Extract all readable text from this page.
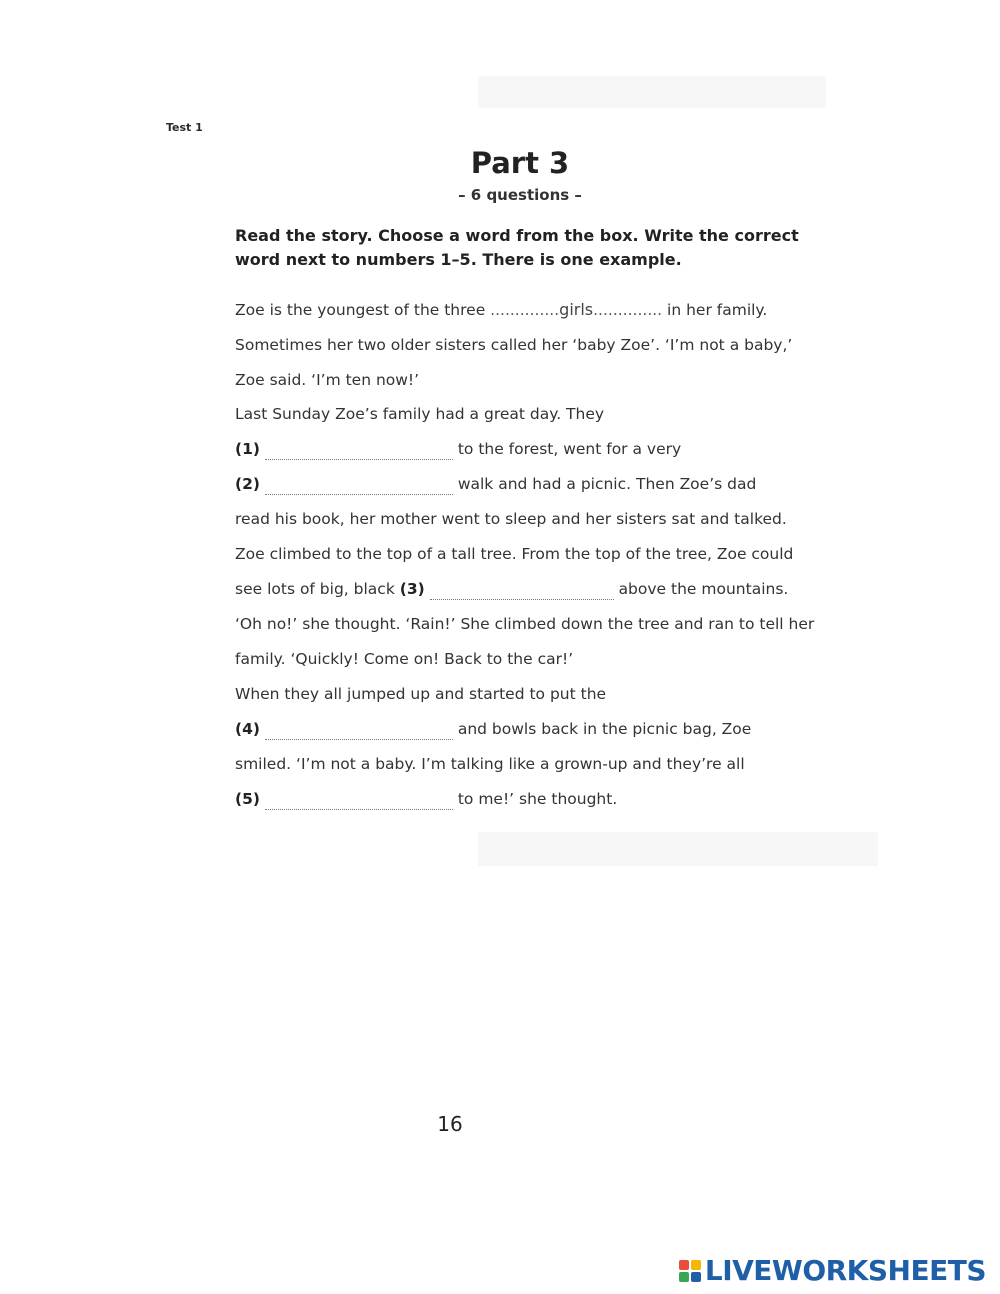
Test 1
Part 3
– 6 questions –
Read the story. Choose a word from the box. Write the correct word next to numbers 1–5. There is one example.
Zoe is the youngest of the three ..............girls.............. in her family.
Sometimes her two older sisters called her ‘baby Zoe’. ‘I’m not a baby,’
Zoe said. ‘I’m ten now!’
Last Sunday Zoe’s family had a great day. They
(1)	to the forest, went for a very
(2)	walk and had a picnic. Then Zoe’s dad
read his book, her mother went to sleep and her sisters sat and talked.
Zoe climbed to the top of a tall tree. From the top of the tree, Zoe could
see lots of big, black (3)	above the mountains.
‘Oh no!’ she thought. ‘Rain!’ She climbed down the tree and ran to tell her
family. ‘Quickly! Come on! Back to the car!’
When they all jumped up and started to put the
(4)	and bowls back in the picnic bag, Zoe
smiled. ‘I’m not a baby. I’m talking like a grown-up and they’re all
(5)	to me!’ she thought.
16
LIVEWORKSHEETS
